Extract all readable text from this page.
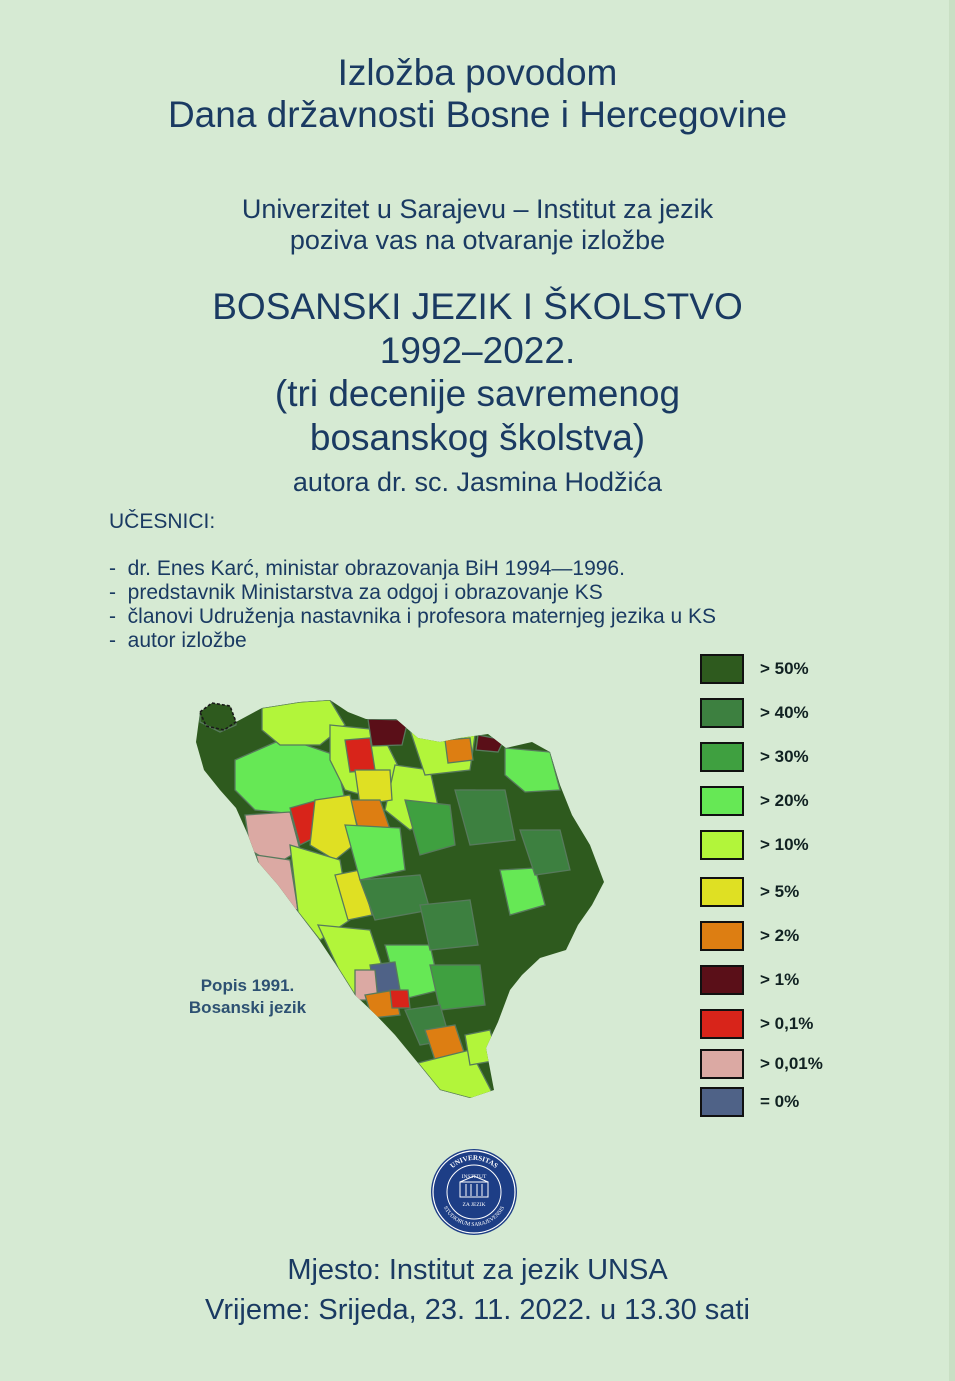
Izložba povodom

Dana državnosti Bosne i Hercegovine

Univerzitet u Sarajevu – Institut za jezik

poziva vas na otvaranje izložbe

BOSANSKI JEZIK I ŠKOLSTVO

1992–2022.

(tri decenije savremenog

bosanskog školstva)

autora dr. sc. Jasmina Hodžića

UČESNICI:
- dr. Enes Karć, ministar obrazovanja BiH 1994—1996.
- predstavnik Ministarstva za odgoj i obrazovanje KS
- članovi Udruženja nastavnika i profesora maternjeg jezika u KS
- autor izložbe
Popis 1991.
Bosanski jezik
> 50%
> 40%
> 30%
> 20%
> 10%
> 5%
> 2%
> 1%
> 0,1%
> 0,01%
= 0%
UNIVERSITAS
STUDIORUM SARAJEVENSIS
INSTITUT
ZA JEZIK

Mjesto: Institut za jezik UNSA

Vrijeme: Srijeda, 23. 11. 2022. u 13.30 sati
